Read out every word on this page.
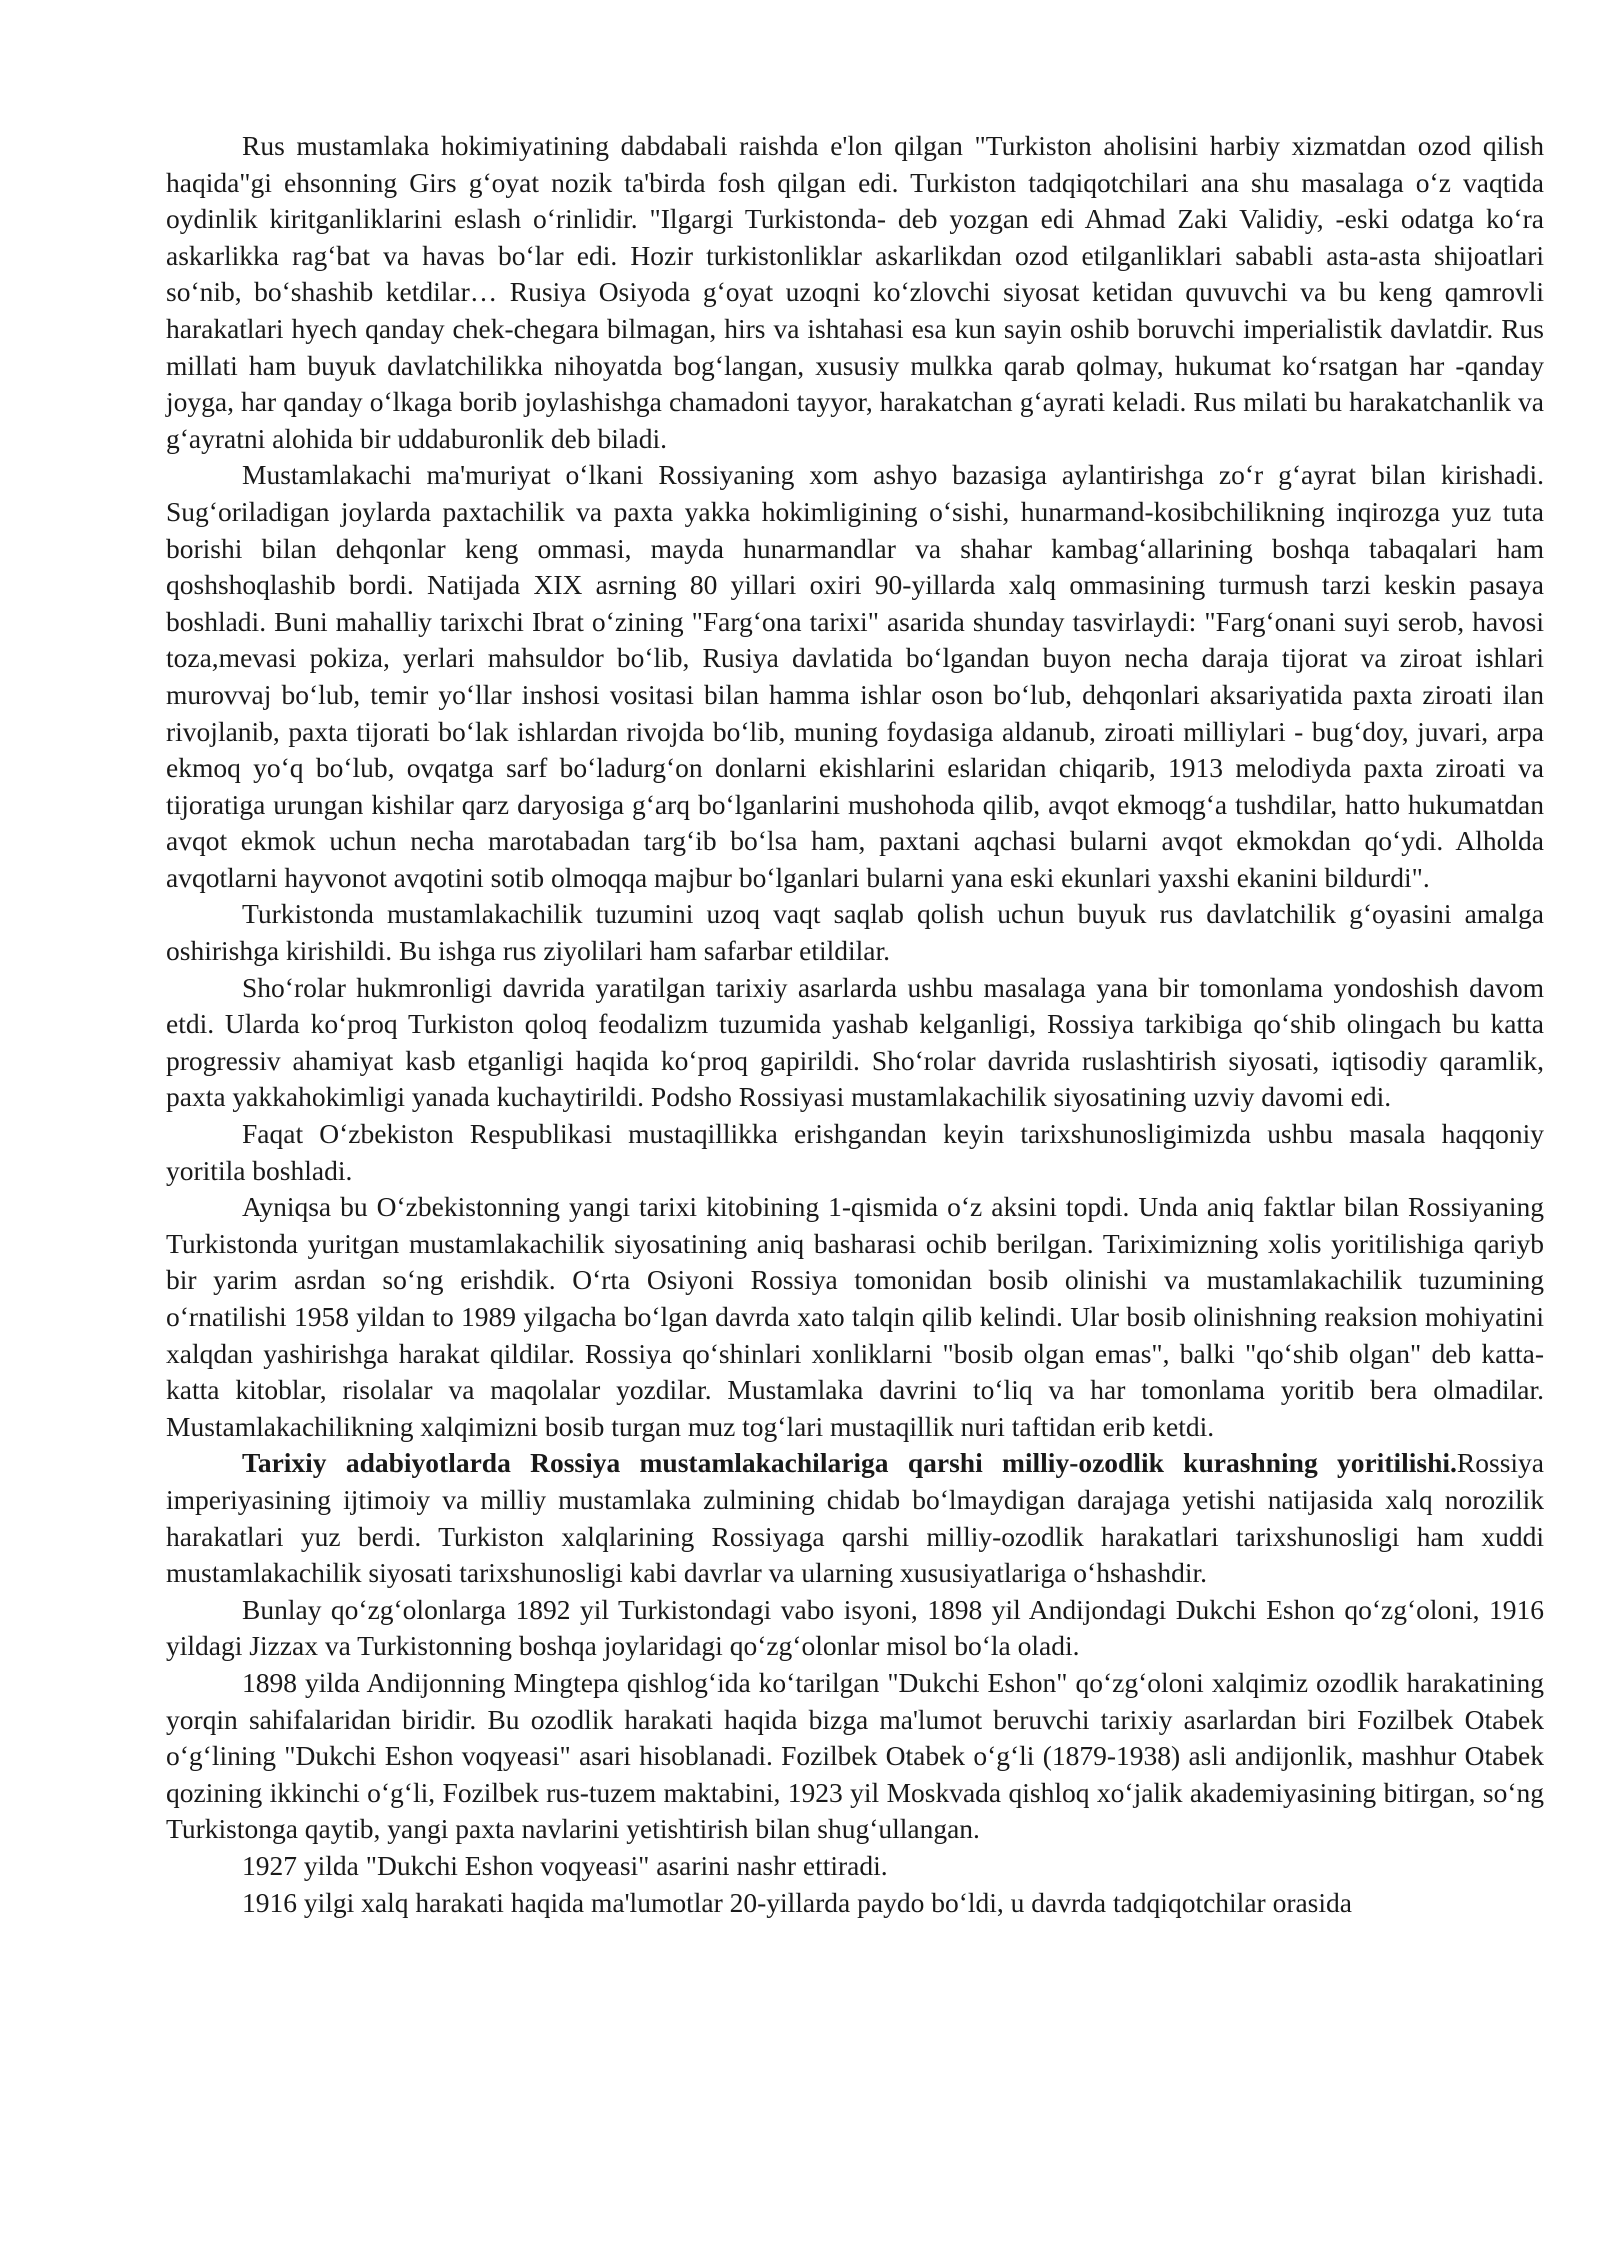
Rus mustamlaka hokimiyatining dabdabali raishda e'lon qilgan "Turkiston aholisini harbiy xizmatdan ozod qilish haqida"gi ehsonning Girs gʻoyat nozik ta'birda fosh qilgan edi. Turkiston tadqiqotchilari ana shu masalaga oʻz vaqtida oydinlik kiritganliklarini eslash oʻrinlidir. "Ilgargi Turkistonda- deb yozgan edi Ahmad Zaki Validiy, -eski odatga koʻra askarlikka ragʻbat va havas boʻlar edi. Hozir turkistonliklar askarlikdan ozod etilganliklari sababli asta-asta shijoatlari soʻnib, boʻshashib ketdilar… Rusiya Osiyoda gʻoyat uzoqni koʻzlovchi siyosat ketidan quvuvchi va bu keng qamrovli harakatlari hyech qanday chek-chegara bilmagan, hirs va ishtahasi esa kun sayin oshib boruvchi imperialistik davlatdir. Rus millati ham buyuk davlatchilikka nihoyatda bogʻlangan, xususiy mulkka qarab qolmay, hukumat koʻrsatgan har -qanday joyga, har qanday oʻlkaga borib joylashishga chamadoni tayyor, harakatchan gʻayrati keladi. Rus milati bu harakatchanlik va gʻayratni alohida bir uddaburonlik deb biladi.

Mustamlakachi ma'muriyat oʻlkani Rossiyaning xom ashyo bazasiga aylantirishga zoʻr gʻayrat bilan kirishadi. Sugʻoriladigan joylarda paxtachilik va paxta yakka hokimligining oʻsishi, hunarmand-kosibchilikning inqirozga yuz tuta borishi bilan dehqonlar keng ommasi, mayda hunarmandlar va shahar kambagʻallarining boshqa tabaqalari ham qoshshoqlashib bordi. Natijada XIX asrning 80 yillari oxiri 90-yillarda xalq ommasining turmush tarzi keskin pasaya boshladi. Buni mahalliy tarixchi Ibrat oʻzining "Fargʻona tarixi" asarida shunday tasvirlaydi: "Fargʻonani suyi serob, havosi toza,mevasi pokiza, yerlari mahsuldor boʻlib, Rusiya davlatida boʻlgandan buyon necha daraja tijorat va ziroat ishlari murovvaj boʻlub, temir yoʻllar inshosi vositasi bilan hamma ishlar oson boʻlub, dehqonlari aksariyatida paxta ziroati ilan rivojlanib, paxta tijorati boʻlak ishlardan rivojda boʻlib, muning foydasiga aldanub, ziroati milliylari - bugʻdoy, juvari, arpa ekmoq yoʻq boʻlub, ovqatga sarf boʻladurgʻon donlarni ekishlarini eslaridan chiqarib, 1913 melodiyda paxta ziroati va tijoratiga urungan kishilar qarz daryosiga gʻarq boʻlganlarini mushohoda qilib, avqot ekmoqgʻa tushdilar, hatto hukumatdan avqot ekmok uchun necha marotabadan targʻib boʻlsa ham, paxtani aqchasi bularni avqot ekmokdan qoʻydi. Alholda avqotlarni hayvonot avqotini sotib olmoqqa majbur boʻlganlari bularni yana eski ekunlari yaxshi ekanini bildurdi".

Turkistonda mustamlakachilik tuzumini uzoq vaqt saqlab qolish uchun buyuk rus davlatchilik gʻoyasini amalga oshirishga kirishildi. Bu ishga rus ziyolilari ham safarbar etildilar.

Shoʻrolar hukmronligi davrida yaratilgan tarixiy asarlarda ushbu masalaga yana bir tomonlama yondoshish davom etdi. Ularda koʻproq Turkiston qoloq feodalizm tuzumida yashab kelganligi, Rossiya tarkibiga qoʻshib olingach bu katta progressiv ahamiyat kasb etganligi haqida koʻproq gapirildi. Shoʻrolar davrida ruslashtirish siyosati, iqtisodiy qaramlik, paxta yakkahokimligi yanada kuchaytirildi. Podsho Rossiyasi mustamlakachilik siyosatining uzviy davomi edi.

Faqat Oʻzbekiston Respublikasi mustaqillikka erishgandan keyin tarixshunosligimizda ushbu masala haqqoniy yoritila boshladi.

Ayniqsa bu Oʻzbekistonning yangi tarixi kitobining 1-qismida oʻz aksini topdi. Unda aniq faktlar bilan Rossiyaning Turkistonda yuritgan mustamlakachilik siyosatining aniq basharasi ochib berilgan. Tariximizning xolis yoritilishiga qariyb bir yarim asrdan soʻng erishdik. Oʻrta Osiyoni Rossiya tomonidan bosib olinishi va mustamlakachilik tuzumining oʻrnatilishi 1958 yildan to 1989 yilgacha boʻlgan davrda xato talqin qilib kelindi. Ular bosib olinishning reaksion mohiyatini xalqdan yashirishga harakat qildilar. Rossiya qoʻshinlari xonliklarni "bosib olgan emas", balki "qoʻshib olgan" deb katta-katta kitoblar, risolalar va maqolalar yozdilar. Mustamlaka davrini toʻliq va har tomonlama yoritib bera olmadilar. Mustamlakachilikning xalqimizni bosib turgan muz togʻlari mustaqillik nuri taftidan erib ketdi.

Tarixiy adabiyotlarda Rossiya mustamlakachilariga qarshi milliy-ozodlik kurashning yoritilishi.Rossiya imperiyasining ijtimoiy va milliy mustamlaka zulmining chidab boʻlmaydigan darajaga yetishi natijasida xalq norozilik harakatlari yuz berdi. Turkiston xalqlarining Rossiyaga qarshi milliy-ozodlik harakatlari tarixshunosligi ham xuddi mustamlakachilik siyosati tarixshunosligi kabi davrlar va ularning xususiyatlariga oʻhshashdir.

Bunlay qoʻzgʻolonlarga 1892 yil Turkistondagi vabo isyoni, 1898 yil Andijondagi Dukchi Eshon qoʻzgʻoloni, 1916 yildagi Jizzax va Turkistonning boshqa joylaridagi qoʻzgʻolonlar misol boʻla oladi.

1898 yilda Andijonning Mingtepa qishlogʻida koʻtarilgan "Dukchi Eshon" qoʻzgʻoloni xalqimiz ozodlik harakatining yorqin sahifalaridan biridir. Bu ozodlik harakati haqida bizga ma'lumot beruvchi tarixiy asarlardan biri Fozilbek Otabek oʻgʻlining "Dukchi Eshon voqyeasi" asari hisoblanadi. Fozilbek Otabek oʻgʻli (1879-1938) asli andijonlik, mashhur Otabek qozining ikkinchi oʻgʻli, Fozilbek rus-tuzem maktabini, 1923 yil Moskvada qishloq xoʻjalik akademiyasining bitirgan, soʻng Turkistonga qaytib, yangi paxta navlarini yetishtirish bilan shugʻullangan.

1927 yilda "Dukchi Eshon voqyeasi" asarini nashr ettiradi.

1916 yilgi xalq harakati haqida ma'lumotlar 20-yillarda paydo boʻldi, u davrda tadqiqotchilar orasida
